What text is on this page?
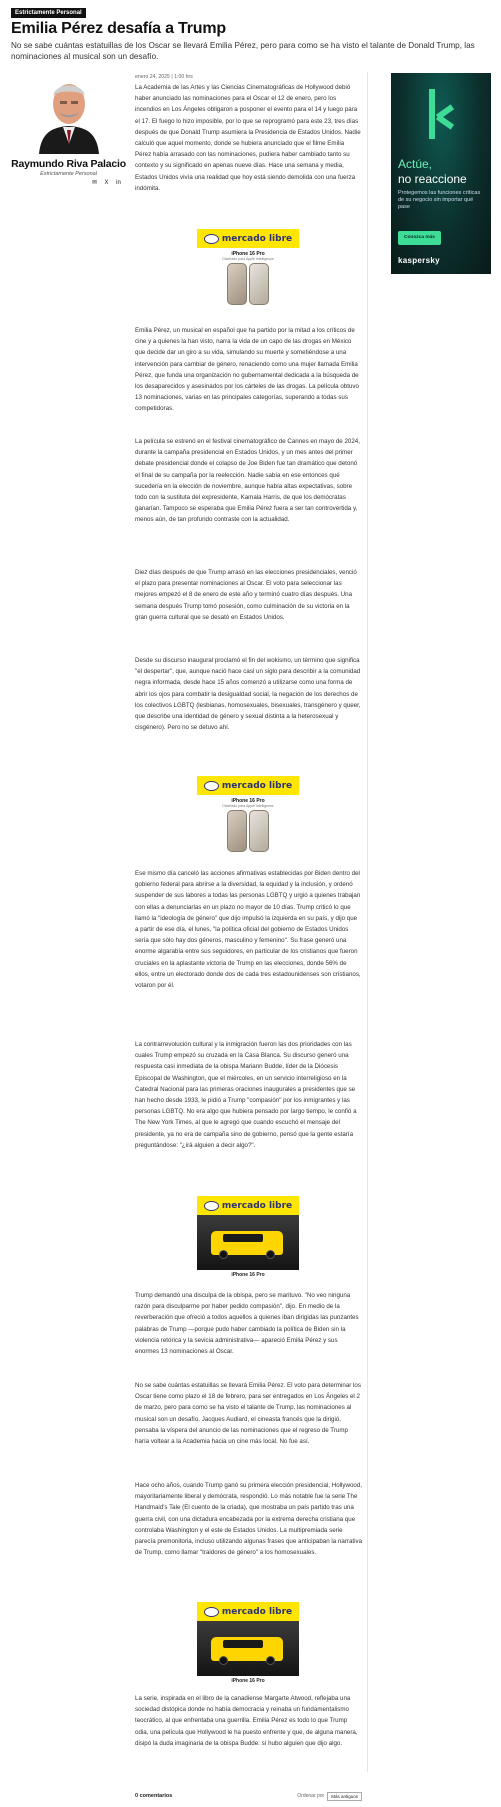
Estrictamente Personal
Emilia Pérez desafía a Trump

No se sabe cuántas estatuillas de los Oscar se llevará Emilia Pérez, pero para como se ha visto el talante de Donald Trump, las nominaciones al musical son un desafío.

Raymundo Riva Palacio
Estrictamente Personal
✉ X in
enero 24, 2025 | 1:00 hrs

La Academia de las Artes y las Ciencias Cinematográficas de Hollywood debió haber anunciado las nominaciones para el Oscar el 12 de enero, pero los incendios en Los Ángeles obligaron a posponer el evento para el 14 y luego para el 17. El fuego lo hizo imposible, por lo que se reprogramó para este 23, tres días después de que Donald Trump asumiera la Presidencia de Estados Unidos. Nadie calculó que aquel momento, donde se hubiera anunciado que el filme Emilia Pérez había arrasado con las nominaciones, pudiera haber cambiado tanto su contexto y su significado en apenas nueve días. Hace una semana y media, Estados Unidos vivía una realidad que hoy está siendo demolida con una fuerza indómita.

mercado libre
iPhone 16 Pro
Diseñado para Apple Intelligence

Emilia Pérez, un musical en español que ha partido por la mitad a los críticos de cine y a quienes la han visto, narra la vida de un capo de las drogas en México que decide dar un giro a su vida, simulando su muerte y sometiéndose a una intervención para cambiar de género, renaciendo como una mujer llamada Emilia Pérez, que funda una organización no gubernamental dedicada a la búsqueda de los desaparecidos y asesinados por los cárteles de las drogas. La película obtuvo 13 nominaciones, varias en las principales categorías, superando a todas sus competidoras.

La película se estrenó en el festival cinematográfico de Cannes en mayo de 2024, durante la campaña presidencial en Estados Unidos, y un mes antes del primer debate presidencial donde el colapso de Joe Biden fue tan dramático que detonó el final de su campaña por la reelección. Nadie sabía en ese entonces qué sucedería en la elección de noviembre, aunque había altas expectativas, sobre todo con la sustituta del expresidente, Kamala Harris, de que los demócratas ganarían. Tampoco se esperaba que Emilia Pérez fuera a ser tan controvertida y, menos aún, de tan profundo contraste con la actualidad.

Diez días después de que Trump arrasó en las elecciones presidenciales, venció el plazo para presentar nominaciones al Oscar. El voto para seleccionar las mejores empezó el 8 de enero de este año y terminó cuatro días después. Una semana después Trump tomó posesión, como culminación de su victoria en la gran guerra cultural que se desató en Estados Unidos.

Desde su discurso inaugural proclamó el fin del wokismo, un término que significa "el despertar", que, aunque nació hace casi un siglo para describir a la comunidad negra informada, desde hace 15 años comenzó a utilizarse como una forma de abrir los ojos para combatir la desigualdad social, la negación de los derechos de los colectivos LGBTQ (lesbianas, homosexuales, bisexuales, transgénero y queer, que describe una identidad de género y sexual distinta a la heterosexual y cisgénero). Pero no se detuvo ahí.

mercado libre
iPhone 16 Pro
Diseñado para Apple Intelligence

Ese mismo día canceló las acciones afirmativas establecidas por Biden dentro del gobierno federal para abrirse a la diversidad, la equidad y la inclusión, y ordenó suspender de sus labores a todas las personas LGBTQ y urgió a quienes trabajan con ellas a denunciarlas en un plazo no mayor de 10 días. Trump criticó lo que llamó la "ideología de género" que dijo impulsó la izquierda en su país, y dijo que a partir de ese día, el lunes, "la política oficial del gobierno de Estados Unidos sería que sólo hay dos géneros, masculino y femenino". Su frase generó una enorme algarabía entre sus seguidores, en particular de los cristianos que fueron cruciales en la aplastante victoria de Trump en las elecciones, donde 56% de ellos, entre un electorado donde dos de cada tres estadounidenses son cristianos, votaron por él.

La contrarrevolución cultural y la inmigración fueron las dos prioridades con las cuales Trump empezó su cruzada en la Casa Blanca. Su discurso generó una respuesta casi inmediata de la obispa Mariann Budde, líder de la Diócesis Episcopal de Washington, que el miércoles, en un servicio interreligioso en la Catedral Nacional para las primeras oraciones inaugurales a presidentes que se han hecho desde 1933, le pidió a Trump "compasión" por los inmigrantes y las personas LGBTQ. No era algo que hubiera pensado por largo tiempo, le confió a The New York Times, al que le agregó que cuando escuchó el mensaje del presidente, ya no era de campaña sino de gobierno, pensó que la gente estaría preguntándose: "¿irá alguien a decir algo?".

mercado libre
iPhone 16 Pro

Trump demandó una disculpa de la obispa, pero se marituvo. "No veo ninguna razón para disculparme por haber pedido compasión", dijo. En medio de la reverberación que ofreció a todos aquellos a quienes iban dirigidas las punzantes palabras de Trump —porque pudo haber cambiado la política de Biden sin la violencia retórica y la sevicia administrativa— apareció Emilia Pérez y sus enormes 13 nominaciones al Oscar.

No se sabe cuántas estatuillas se llevará Emilia Pérez. El voto para determinar los Oscar tiene como plazo el 18 de febrero, para ser entregados en Los Ángeles el 2 de marzo, pero para como se ha visto el talante de Trump, las nominaciones al musical son un desafío. Jacques Audiard, el cineasta francés que la dirigió, pensaba la víspera del anuncio de las nominaciones que el regreso de Trump haría voltear a la Academia hacia un cine más local. No fue así.

Hace ocho años, cuando Trump ganó su primera elección presidencial, Hollywood, mayoritariamente liberal y demócrata, respondió. Lo más notable fue la serie The Handmaid's Tale (El cuento de la criada), que mostraba un país partido tras una guerra civil, con una dictadura encabezada por la extrema derecha cristiana que controlaba Washington y el este de Estados Unidos. La multipremiada serie parecía premonitoria, incluso utilizando algunas frases que anticipaban la narrativa de Trump, como llamar "traidores de género" a los homosexuales.

mercado libre
iPhone 16 Pro

La serie, inspirada en el libro de la canadiense Margarte Atwood, reflejaba una sociedad distópica donde no había democracia y reinaba un fundamentalismo teocrático, al que enfrentaba una guerrilla. Emilia Pérez es todo lo que Trump odia, una película que Hollywood le ha puesto enfrente y que, de alguna manera, disipó la duda imaginaria de la obispa Budde: sí hubo alguien que dijo algo.

0 comentarios	Ordenar por	Más antiguos
Actúe,
no reaccione
Protegemos las funciones críticas de su negocio sin importar qué pase
Conozca más
kaspersky
